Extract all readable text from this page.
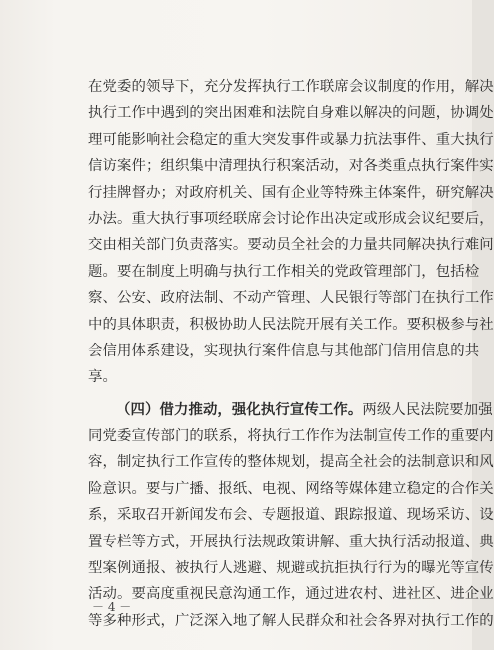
在党委的领导下，充分发挥执行工作联席会议制度的作用，解决
执行工作中遇到的突出困难和法院自身难以解决的问题，协调处
理可能影响社会稳定的重大突发事件或暴力抗法事件、重大执行
信访案件；组织集中清理执行积案活动，对各类重点执行案件实
行挂牌督办；对政府机关、国有企业等特殊主体案件，研究解决
办法。重大执行事项经联席会讨论作出决定或形成会议纪要后，
交由相关部门负责落实。要动员全社会的力量共同解决执行难问
题。要在制度上明确与执行工作相关的党政管理部门，包括检
察、公安、政府法制、不动产管理、人民银行等部门在执行工作
中的具体职责，积极协助人民法院开展有关工作。要积极参与社
会信用体系建设，实现执行案件信息与其他部门信用信息的共
享。
（四）借力推动，强化执行宣传工作。两级人民法院要加强
同党委宣传部门的联系，将执行工作作为法制宣传工作的重要内
容，制定执行工作宣传的整体规划，提高全社会的法制意识和风
险意识。要与广播、报纸、电视、网络等媒体建立稳定的合作关
系，采取召开新闻发布会、专题报道、跟踪报道、现场采访、设
置专栏等方式，开展执行法规政策讲解、重大执行活动报道、典
型案例通报、被执行人逃避、规避或抗拒执行行为的曝光等宣传
活动。要高度重视民意沟通工作，通过进农村、进社区、进企业
等多种形式，广泛深入地了解人民群众和社会各界对执行工作的
－ 4 －
